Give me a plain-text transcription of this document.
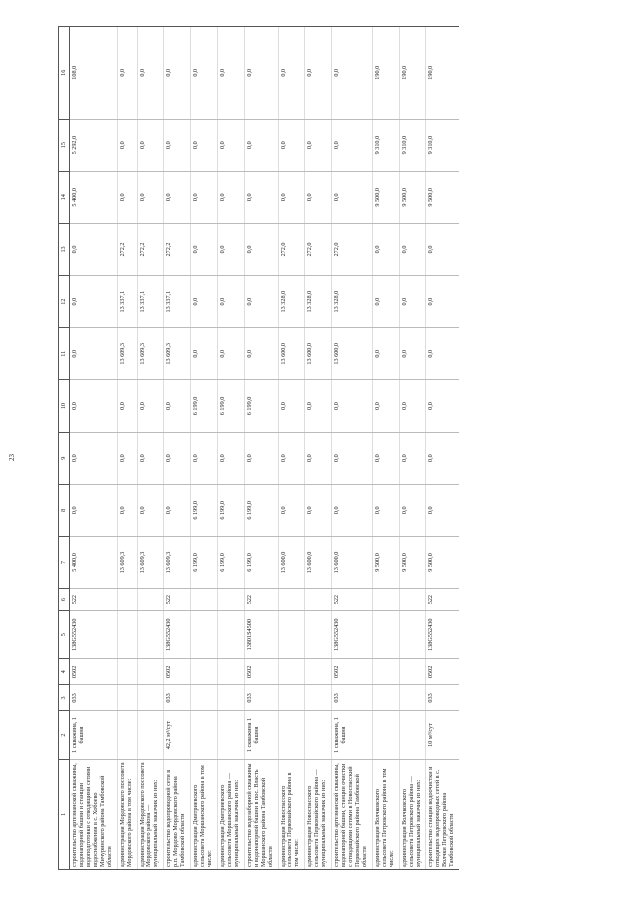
23
1	2	3	4	5	6	7	8	9	10	11	12	13	14	15	16
строительство артезианской скважины, водонапорной башни и станции водоподготовки с отводящими сетями водоснабжения в с. Хобоево Мичуринского района Тамбовской области	1 скважина, 1 башня	033	0502	138G552430	522	5 400,0	0,0	0,0	0,0	0,0	0,0	0,0	5 400,0	5 292,0	108,0
администрация Мордовского поссовета Мордовского района в том числе:						13 609,3	0,0	0,0	0,0	13 609,3	13 337,1	272,2	0,0	0,0	0,0
администрация Мордовского поссовета Мордовского района — муниципальный заказчик из них:						13 609,3	0,0	0,0	0,0	13 609,3	13 337,1	272,2	0,0	0,0	0,0
строительство водопроводной сети в р.п. Мордово Мордовского района Тамбовской области	42,2 м³/сут	033	0502	138G552430	522	13 609,3	0,0	0,0	0,0	13 609,3	13 337,1	272,2	0,0	0,0	0,0
администрация Дмитриевского сельсовета Моршанского района в том числе:						6 199,0	6 199,0	0,0	6 199,0	0,0	0,0	0,0	0,0	0,0	0,0
администрация Дмитриевского сельсовета Моршанского района — муниципальный заказчик из них:						6 199,0	6 199,0	0,0	6 199,0	0,0	0,0	0,0	0,0	0,0	0,0
строительство водозаборной скважины и водонапорной башни в пос. Власть Моршанского района Тамбовской области	1 скважина 1 башня	033	0502	13801S4500	522	6 199,0	6 199,0	0,0	6 199,0	0,0	0,0	0,0	0,0	0,0	0,0
администрация Новоспасского сельсовета Первомайского района в том числе:						13 600,0	0,0	0,0	0,0	13 600,0	13 328,0	272,0	0,0	0,0	0,0
администрация Новоспасского сельсовета Первомайского района — муниципальный заказчик из них:						13 600,0	0,0	0,0	0,0	13 600,0	13 328,0	272,0	0,0	0,0	0,0
строительство артезианской скважины, водонапорной башни, станции очистки с отводящими сетями в Новоспасский Первомайского района Тамбовской области	1 скважина, 1 башня	033	0502	138G552430	522	13 600,0	0,0	0,0	0,0	13 600,0	13 328,0	272,0	0,0	0,0	0,0
администрация Волчковского сельсовета Петровского района в том числе:						9 500,0	0,0	0,0	0,0	0,0	0,0	0,0	9 500,0	9 310,0	190,0
администрация Волчковского сельсовета Петровского района — муниципальный заказчик из них:						9 500,0	0,0	0,0	0,0	0,0	0,0	0,0	9 500,0	9 310,0	190,0
строительство станции водоочистки и отводящих водопроводных сетей в с. Волчки Петровского района Тамбовской области	10 м³/сут	033	0502	138G552430	522	9 500,0	0,0	0,0	0,0	0,0	0,0	0,0	9 500,0	9 310,0	190,0
